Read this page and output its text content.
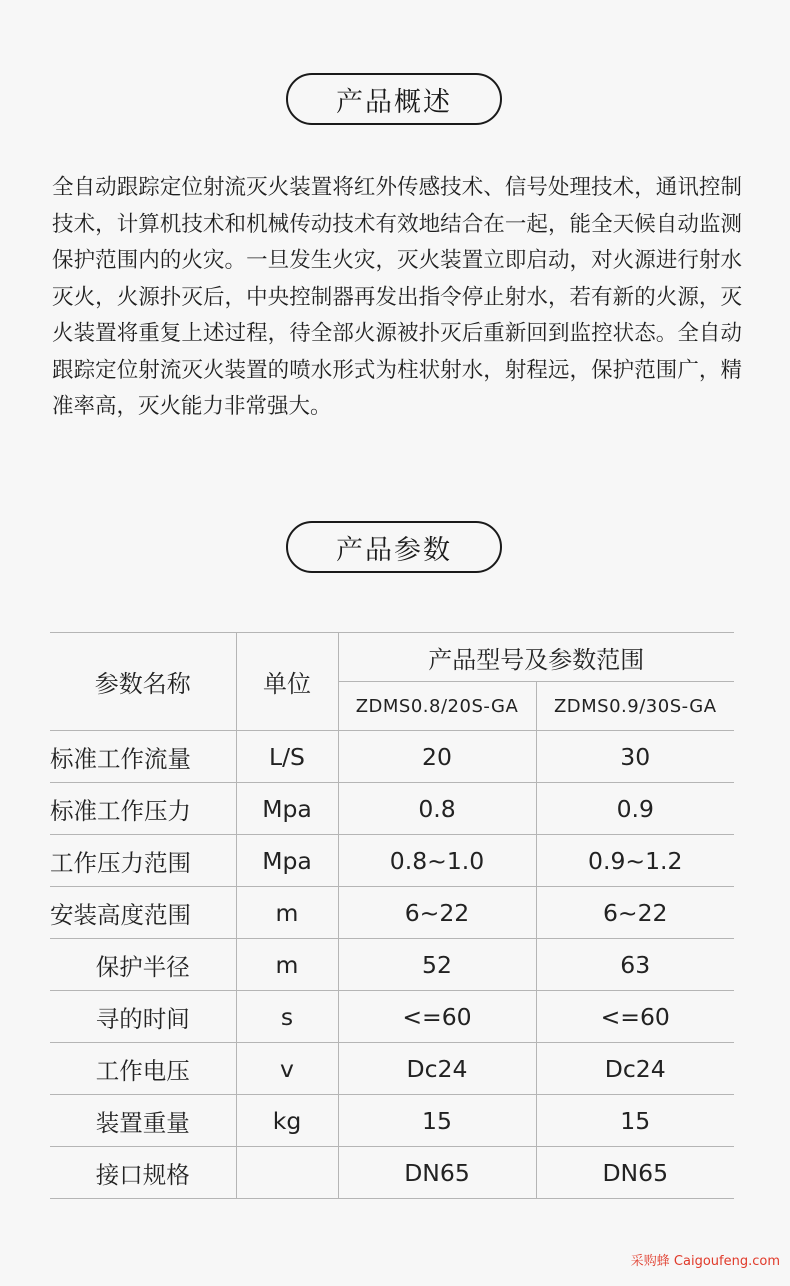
产品概述

全自动跟踪定位射流灭火装置将红外传感技术、信号处理技术，通讯控制技术，计算机技术和机械传动技术有效地结合在一起，能全天候自动监测保护范围内的火灾。一旦发生火灾，灭火装置立即启动，对火源进行射水灭火，火源扑灭后，中央控制器再发出指令停止射水，若有新的火源，灭火装置将重复上述过程，待全部火源被扑灭后重新回到监控状态。全自动跟踪定位射流灭火装置的喷水形式为柱状射水，射程远，保护范围广，精准率高，灭火能力非常强大。

产品参数
参数名称	单位	产品型号及参数范围	
		ZDMS0.8/20S-GA	ZDMS0.9/30S-GA
标准工作流量	L/S	20	30
标准工作压力	Mpa	0.8	0.9
工作压力范围	Mpa	0.8~1.0	0.9~1.2
安装高度范围	m	6~22	6~22
保护半径	m	52	63
寻的时间	s	<=60	<=60
工作电压	v	Dc24	Dc24
装置重量	kg	15	15
接口规格		DN65	DN65
采购蜂 Caigoufeng.com
